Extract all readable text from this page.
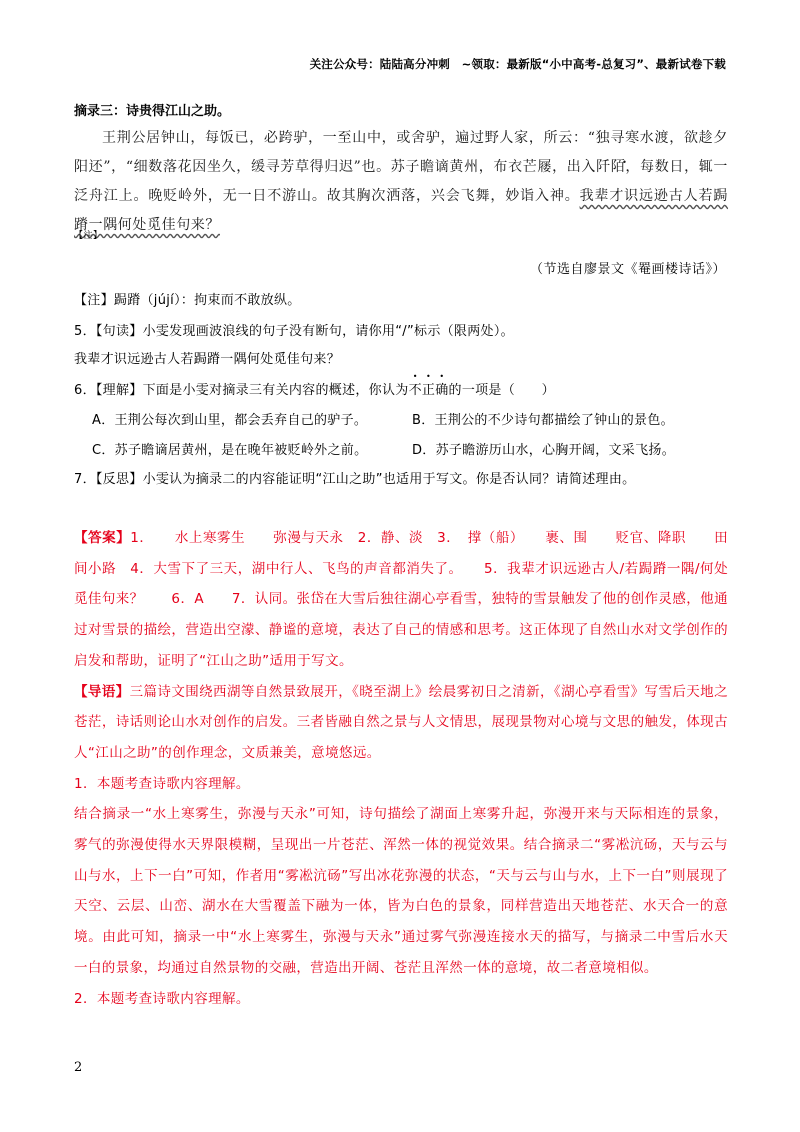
关注公众号：陆陆高分冲刺　~领取：最新版“小中高考-总复习”、最新试卷下载
摘录三：诗贵得江山之助。
王荆公居钟山，每饭已，必跨驴，一至山中，或舍驴，遍过野人家，所云：“独寻寒水渡，欲趁夕阳还”，“细数落花因坐久，缓寻芳草得归迟”也。苏子瞻谪黄州，布衣芒屦，出入阡陌，每数日，辄一泛舟江上。晚贬岭外，无一日不游山。故其胸次洒落，兴会飞舞，妙诣入神。我辈才识远逊古人若跼蹐一隅何处觅佳句来？
【注】
（节选自廖景文《罨画楼诗话》）
【注】跼蹐（jújí）：拘束而不敢放纵。
5．【句读】小雯发现画波浪线的句子没有断句，请你用“/”标示（限两处）。
我辈才识远逊古人若跼蹐一隅何处觅佳句来？
6．【理解】下面是小雯对摘录三有关内容的概述，你认为不正确的一项是（　　）
A．王荆公每次到山里，都会丢弃自己的驴子。	B．王荆公的不少诗句都描绘了钟山的景色。
C．苏子瞻谪居黄州，是在晚年被贬岭外之前。	D．苏子瞻游历山水，心胸开阔，文采飞扬。
7．【反思】小雯认为摘录二的内容能证明“江山之助”也适用于写文。你是否认同？请简述理由。

【答案】1．　　水上寒雾生　　弥漫与天永　2．静、淡　3．　撑（船）　　裹、围　　贬官、降职　　田间小路　4．大雪下了三天，湖中行人、飞鸟的声音都消失了。　　5．我辈才识远逊古人/若跼蹐一隅/何处觅佳句来？　　6．A　　7．认同。张岱在大雪后独往湖心亭看雪，独特的雪景触发了他的创作灵感，他通过对雪景的描绘，营造出空濛、静谧的意境，表达了自己的情感和思考。这正体现了自然山水对文学创作的启发和帮助，证明了“江山之助”适用于写文。

【导语】三篇诗文围绕西湖等自然景致展开，《晓至湖上》绘晨雾初日之清新，《湖心亭看雪》写雪后天地之苍茫，诗话则论山水对创作的启发。三者皆融自然之景与人文情思，展现景物对心境与文思的触发，体现古人“江山之助”的创作理念，文质兼美，意境悠远。

1．本题考查诗歌内容理解。

结合摘录一“水上寒雾生，弥漫与天永”可知，诗句描绘了湖面上寒雾升起，弥漫开来与天际相连的景象，雾气的弥漫使得水天界限模糊，呈现出一片苍茫、浑然一体的视觉效果。结合摘录二“雾凇沆砀，天与云与山与水，上下一白”可知，作者用“雾凇沆砀”写出冰花弥漫的状态，“天与云与山与水，上下一白”则展现了天空、云层、山峦、湖水在大雪覆盖下融为一体，皆为白色的景象，同样营造出天地苍茫、水天合一的意境。由此可知，摘录一中“水上寒雾生，弥漫与天永”通过雾气弥漫连接水天的描写，与摘录二中雪后水天一白的景象，均通过自然景物的交融，营造出开阔、苍茫且浑然一体的意境，故二者意境相似。

2．本题考查诗歌内容理解。

2
